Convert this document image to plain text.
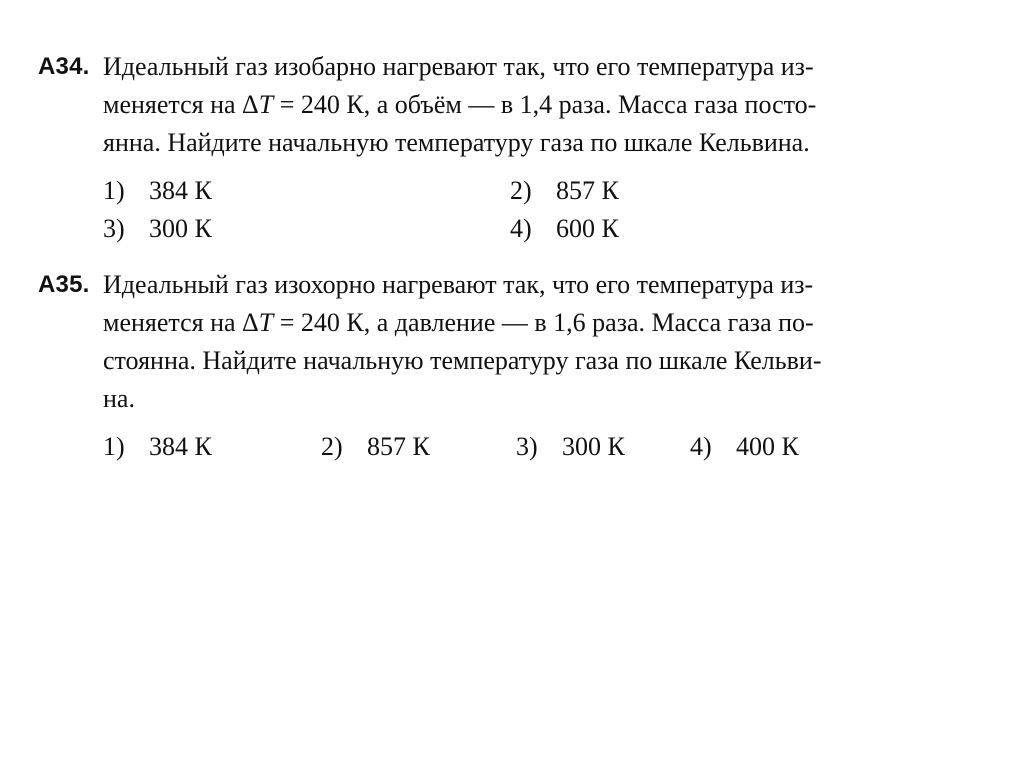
А34. Идеальный газ изобарно нагревают так, что его температура из-
меняется на ΔT = 240 К, а объём — в 1,4 раза. Масса газа посто-
янна. Найдите начальную температуру газа по шкале Кельвина.
1) 384 К	2) 857 К
3) 300 К	4) 600 К
А35. Идеальный газ изохорно нагревают так, что его температура из-
меняется на ΔT = 240 К, а давление — в 1,6 раза. Масса газа по-
стоянна. Найдите начальную температуру газа по шкале Кельви-
на.
1) 384 К	2) 857 К	3) 300 К	4) 400 К
